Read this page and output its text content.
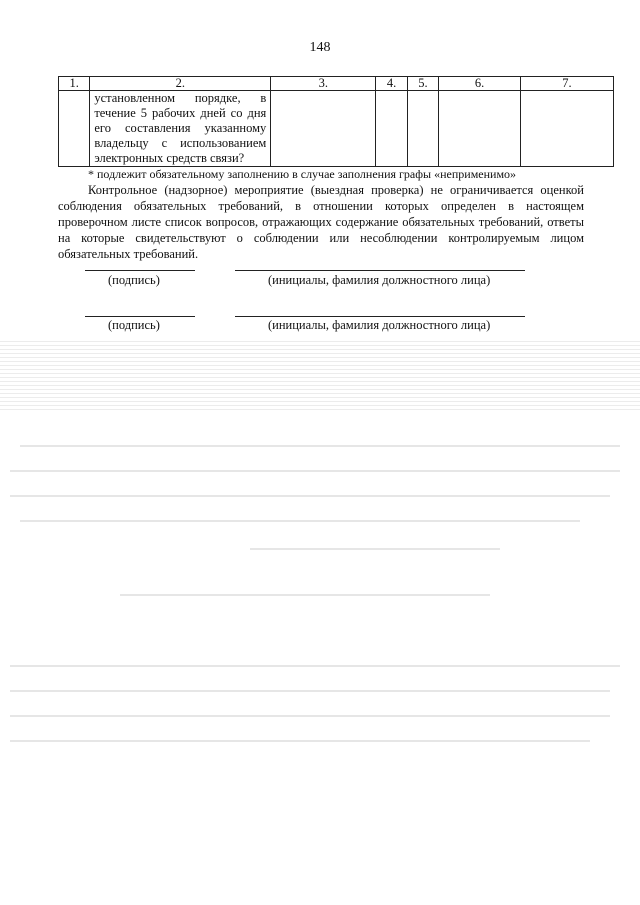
148
1.	2.	3.	4.	5.	6.	7.
	установленном порядке, в течение 5 рабочих дней со дня его составления указанному владельцу с использованием электронных средств связи?					
* подлежит обязательному заполнению в случае заполнения графы «неприменимо»
Контрольное (надзорное) мероприятие (выездная проверка) не ограничивается оценкой соблюдения обязательных требований, в отношении которых определен в настоящем проверочном листе список вопросов, отражающих содержание обязательных требований, ответы на которые свидетельствуют о соблюдении или несоблюдении контролируемым лицом обязательных требований.
(подпись)	(инициалы, фамилия должностного лица)
(подпись)	(инициалы, фамилия должностного лица)
